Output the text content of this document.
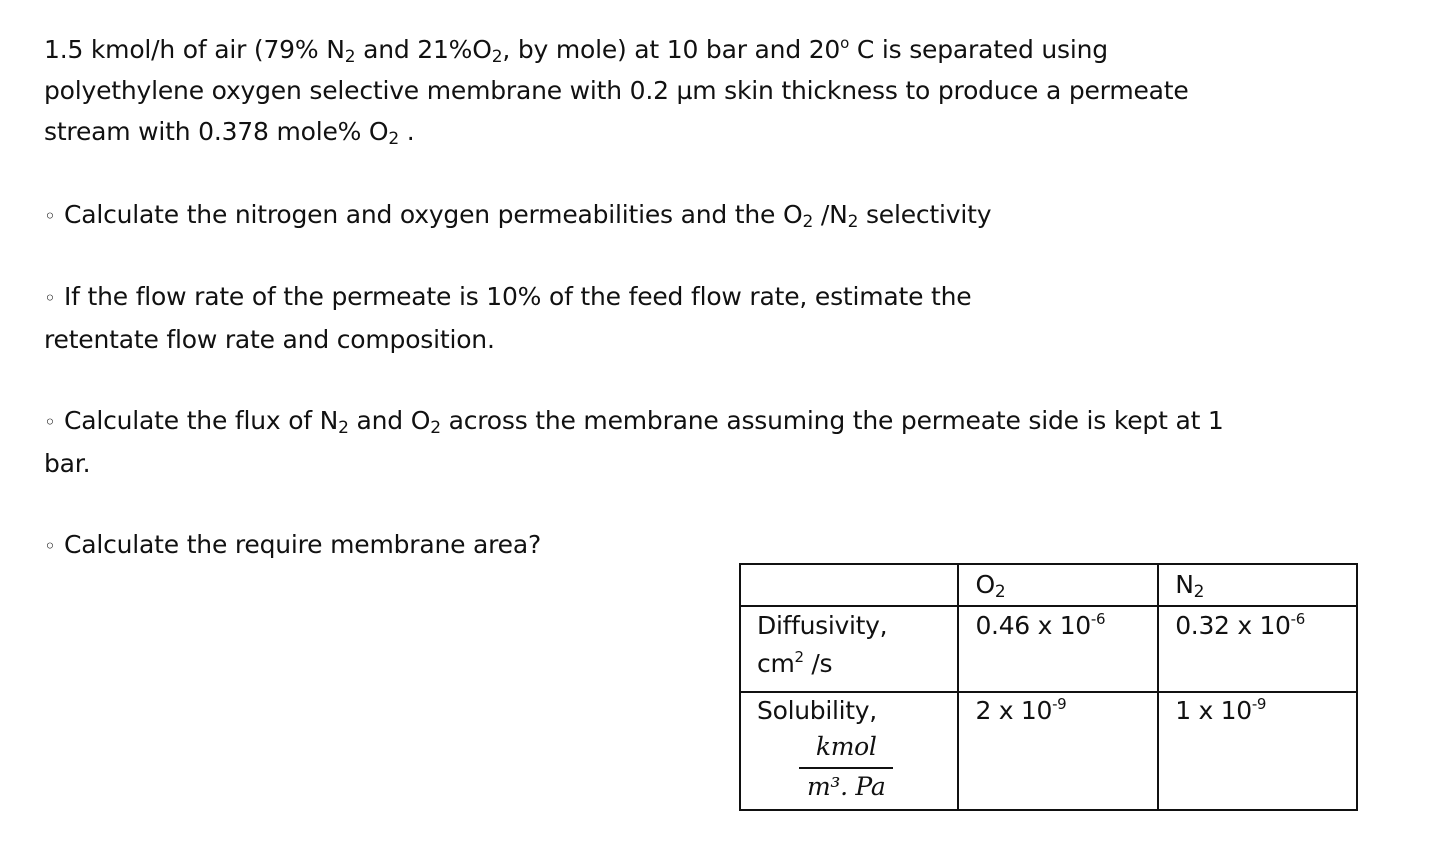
1.5 kmol/h of air (79% $N_2$ and $21\%O_2$, by mole) at 10 bar and 20$^o$ C is separated using
polyethylene oxygen selective membrane with 0.2 µm skin thickness to produce a permeate
stream with 0.378 mole% $O_2$ .

◦ Calculate the nitrogen and oxygen permeabilities and the $O_2$ $/N_2$ selectivity

◦ If the flow rate of the permeate is 10% of the feed flow rate, estimate the
retentate flow rate and composition.

◦ Calculate the flux of $N_2$ and $O_2$ across the membrane assuming the permeate side is kept at 1
bar.

◦ Calculate the require membrane area?

	$O_2$	$N_2$
Diffusivity,
$cm^2$ /s	0.46 x $10^{-6}$	0.32 x $10^{-6}$
Solubility,

$\frac{\text{kmol}}{\text{m³. Pa}}$	2 x $10^{-9}$	1 x $10^{-9}$
